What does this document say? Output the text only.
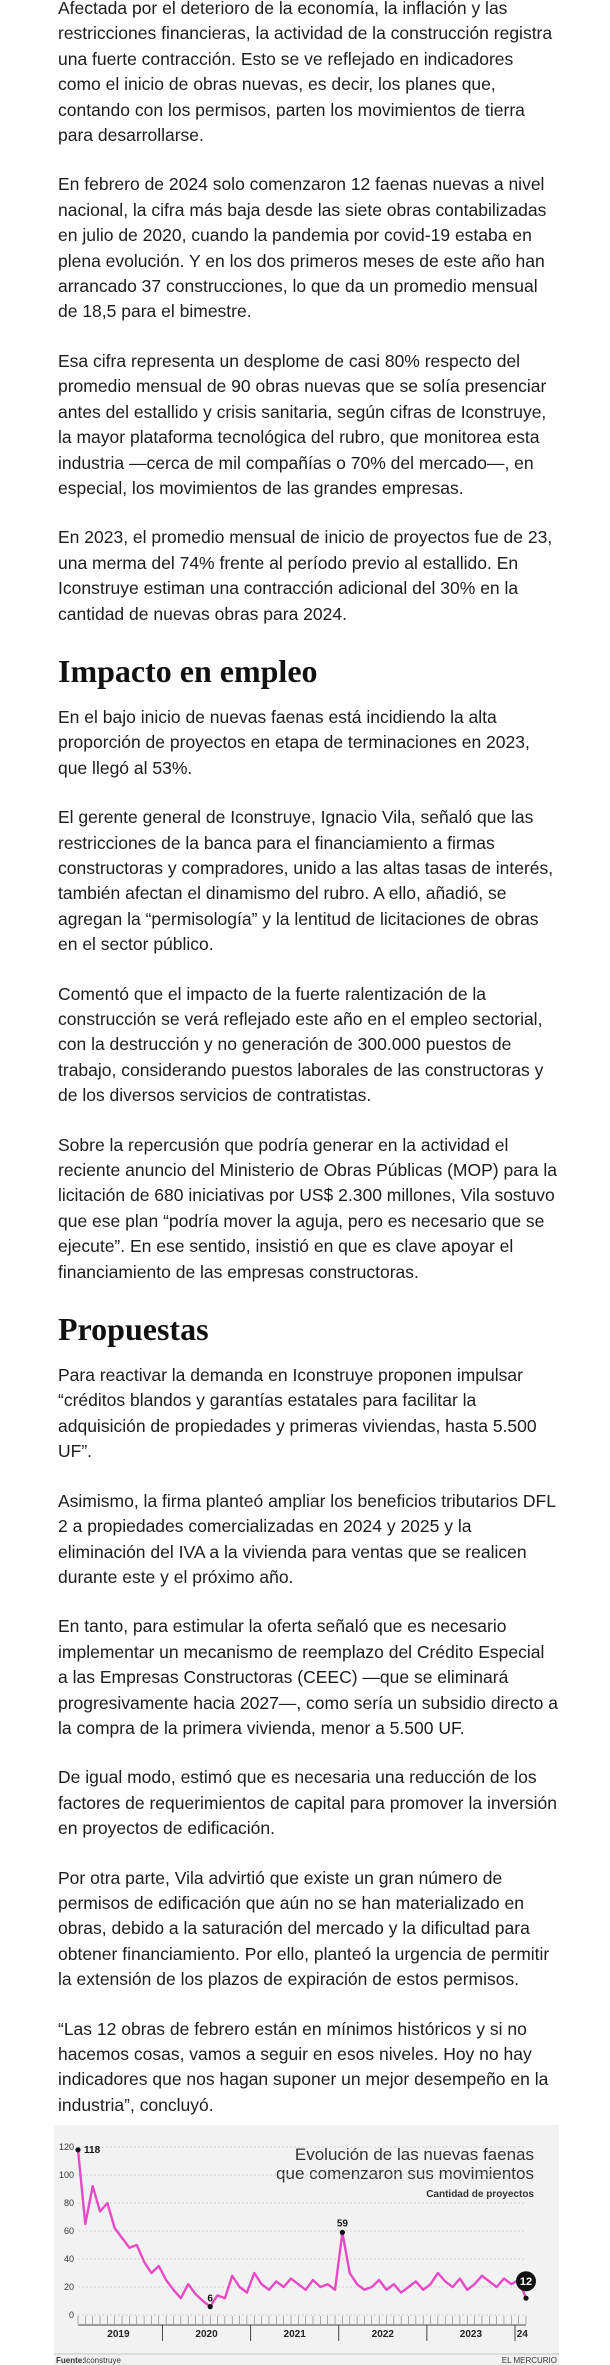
Afectada por el deterioro de la economía, la inflación y las restricciones financieras, la actividad de la construcción registra una fuerte contracción. Esto se ve reflejado en indicadores como el inicio de obras nuevas, es decir, los planes que, contando con los permisos, parten los movimientos de tierra para desarrollarse.

En febrero de 2024 solo comenzaron 12 faenas nuevas a nivel nacional, la cifra más baja desde las siete obras contabilizadas en julio de 2020, cuando la pandemia por covid-19 estaba en plena evolución. Y en los dos primeros meses de este año han arrancado 37 construcciones, lo que da un promedio mensual de 18,5 para el bimestre.

Esa cifra representa un desplome de casi 80% respecto del promedio mensual de 90 obras nuevas que se solía presenciar antes del estallido y crisis sanitaria, según cifras de Iconstruye, la mayor plataforma tecnológica del rubro, que monitorea esta industria —cerca de mil compañías o 70% del mercado—, en especial, los movimientos de las grandes empresas.

En 2023, el promedio mensual de inicio de proyectos fue de 23, una merma del 74% frente al período previo al estallido. En Iconstruye estiman una contracción adicional del 30% en la cantidad de nuevas obras para 2024.

Impacto en empleo

En el bajo inicio de nuevas faenas está incidiendo la alta proporción de proyectos en etapa de terminaciones en 2023, que llegó al 53%.

El gerente general de Iconstruye, Ignacio Vila, señaló que las restricciones de la banca para el financiamiento a firmas constructoras y compradores, unido a las altas tasas de interés, también afectan el dinamismo del rubro. A ello, añadió, se agregan la “permisología” y la lentitud de licitaciones de obras en el sector público.

Comentó que el impacto de la fuerte ralentización de la construcción se verá reflejado este año en el empleo sectorial, con la destrucción y no generación de 300.000 puestos de trabajo, considerando puestos laborales de las constructoras y de los diversos servicios de contratistas.

Sobre la repercusión que podría generar en la actividad el reciente anuncio del Ministerio de Obras Públicas (MOP) para la licitación de 680 iniciativas por US$ 2.300 millones, Vila sostuvo que ese plan “podría mover la aguja, pero es necesario que se ejecute”. En ese sentido, insistió en que es clave apoyar el financiamiento de las empresas constructoras.

Propuestas

Para reactivar la demanda en Iconstruye proponen impulsar “créditos blandos y garantías estatales para facilitar la adquisición de propiedades y primeras viviendas, hasta 5.500 UF”.

Asimismo, la firma planteó ampliar los beneficios tributarios DFL 2 a propiedades comercializadas en 2024 y 2025 y la eliminación del IVA a la vivienda para ventas que se realicen durante este y el próximo año.

En tanto, para estimular la oferta señaló que es necesario implementar un mecanismo de reemplazo del Crédito Especial a las Empresas Constructoras (CEEC) —que se eliminará progresivamente hacia 2027—, como sería un subsidio directo a la compra de la primera vivienda, menor a 5.500 UF.

De igual modo, estimó que es necesaria una reducción de los factores de requerimientos de capital para promover la inversión en proyectos de edificación.

Por otra parte, Vila advirtió que existe un gran número de permisos de edificación que aún no se han materializado en obras, debido a la saturación del mercado y la dificultad para obtener financiamiento. Por ello, planteó la urgencia de permitir la extensión de los plazos de expiración de estos permisos.

“Las 12 obras de febrero están en mínimos históricos y si no hacemos cosas, vamos a seguir en esos niveles. Hoy no hay indicadores que nos hagan suponer un mejor desempeño en la industria”, concluyó.

Evolución de las nuevas faenas
que comenzaron sus movimientos
Cantidad de proyectos
0
20
40
60
80
100
120
2019	2020	2021	2022	2023	24
118
6
59
12
Fuente: Iconstruye	EL MERCURIO
